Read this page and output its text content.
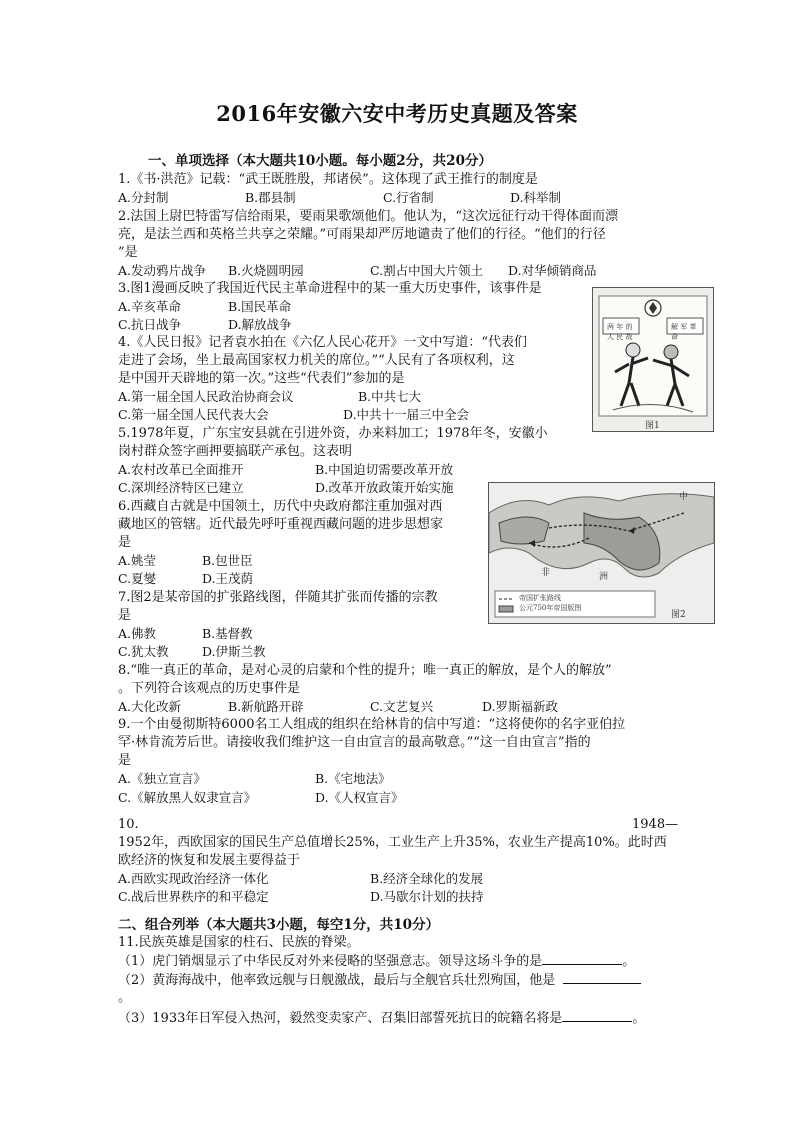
2016年安徽六安中考历史真题及答案
一、单项选择（本大题共10小题。每小题2分，共20分）
1.《书·洪范》记载：“武王既胜殷，邦诸侯”。这体现了武王推行的制度是
A.分封制	B.郡县制	C.行省制	D.科举制
2.法国上尉巴特雷写信给雨果，要雨果歌颂他们。他认为，“这次远征行动干得体面而漂
亮，是法兰西和英格兰共享之荣耀。”可雨果却严厉地谴责了他们的行径。“他们的行径
”是
A.发动鸦片战争 B.火烧圆明园	C.割占中国大片领土 D.对华倾销商品
3.图1漫画反映了我国近代民主革命进程中的某一重大历史事件，该事件是
A.辛亥革命	B.国民革命
C.抗日战争	D.解放战争
4.《人民日报》记者袁水拍在《六亿人民心花开》一文中写道：“代表们
走进了会场，坐上最高国家权力机关的席位。”“人民有了各项权利，这
是中国开天辟地的第一次。”这些“代表们”参加的是
A.第一届全国人民政治协商会议	B.中共七大
C.第一届全国人民代表大会	D.中共十一届三中全会
5.1978年夏，广东宝安县就在引进外资，办来料加工；1978年冬，安徽小
岗村群众签字画押要搞联产承包。这表明
A.农村改革已全面推开	B.中国迫切需要改革开放
C.深圳经济特区已建立	D.改革开放政策开始实施
6.西藏自古就是中国领土，历代中央政府都注重加强对西
藏地区的管辖。近代最先呼吁重视西藏问题的进步思想家
是
A.姚莹	B.包世臣
C.夏燮	D.王茂荫
7.图2是某帝国的扩张路线图，伴随其扩张而传播的宗教
是
A.佛教	B.基督教
C.犹太教	D.伊斯兰教
8.“唯一真正的革命，是对心灵的启蒙和个性的提升；唯一真正的解放，是个人的解放”
。下列符合该观点的历史事件是
A.大化改新	B.新航路开辟	C.文艺复兴	D.罗斯福新政
9.一个由曼彻斯特6000名工人组成的组织在给林肯的信中写道：“这将使你的名字亚伯拉
罕·林肯流芳后世。请接收我们维护这一自由宣言的最高敬意。”“这一自由宣言”指的
是
A.《独立宣言》	B.《宅地法》
C.《解放黑人奴隶宣言》	D.《人权宣言》
10.	1948—
1952年，西欧国家的国民生产总值增长25%，工业生产上升35%，农业生产提高10%。此时西
欧经济的恢复和发展主要得益于
A.西欧实现政治经济一体化	B.经济全球化的发展
C.战后世界秩序的和平稳定	D.马歇尔计划的扶持
二、组合列举（本大题共3小题，每空1分，共10分）
11.民族英雄是国家的柱石、民族的脊梁。
（1）虎门销烟显示了中华民反对外来侵略的坚强意志。领导这场斗争的是	。
（2）黄海海战中，他率致远舰与日舰激战，最后与全舰官兵壮烈殉国，他是
。
（3）1933年日军侵入热河，毅然变卖家产、召集旧部誓死抗日的皖籍名将是	。
两 年 的 人 民 战
解 军 革 命
图1
中
非	洲
帝国扩张路线
公元750年帝国版图
图2
